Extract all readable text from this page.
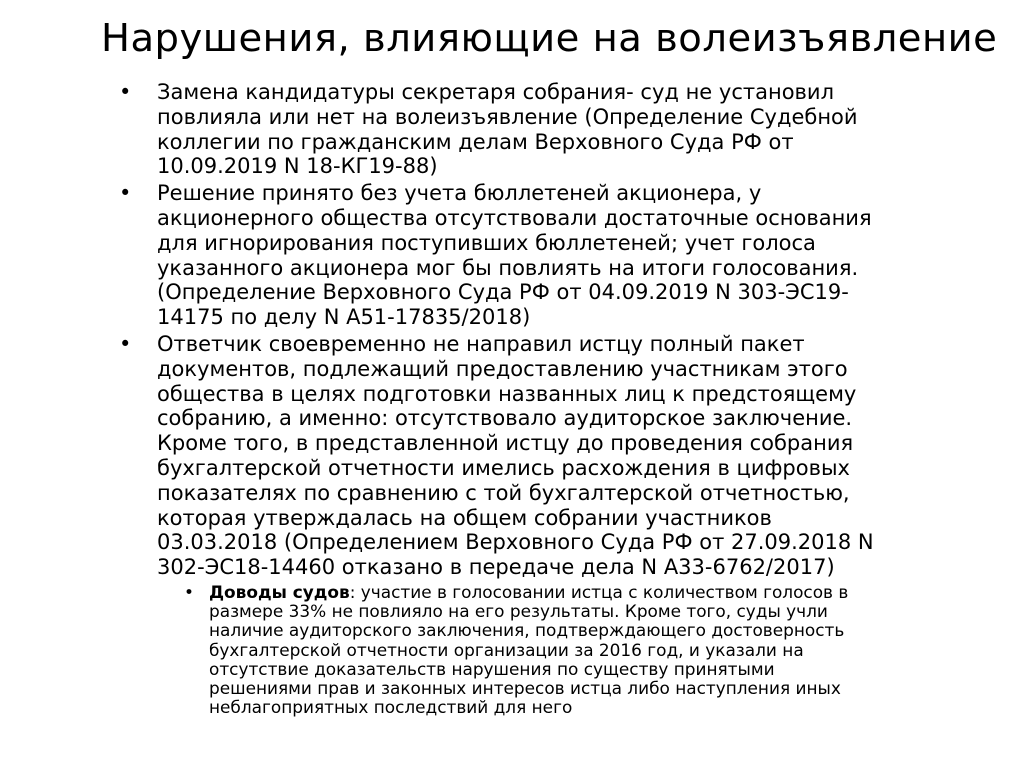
Нарушения, влияющие на волеизъявление
• Замена кандидатуры секретаря собрания- суд не установил
повлияла или нет на волеизъявление (Определение Судебной
коллегии по гражданским делам Верховного Суда РФ от
10.09.2019 N 18-КГ19-88)
• Решение принято без учета бюллетеней акционера, у
акционерного общества отсутствовали достаточные основания
для игнорирования поступивших бюллетеней; учет голоса
указанного акционера мог бы повлиять на итоги голосования.
(Определение Верховного Суда РФ от 04.09.2019 N 303-ЭС19-
14175 по делу N А51-17835/2018)
• Ответчик своевременно не направил истцу полный пакет
документов, подлежащий предоставлению участникам этого
общества в целях подготовки названных лиц к предстоящему
собранию, а именно: отсутствовало аудиторское заключение.
Кроме того, в представленной истцу до проведения собрания
бухгалтерской отчетности имелись расхождения в цифровых
показателях по сравнению с той бухгалтерской отчетностью,
которая утверждалась на общем собрании участников
03.03.2018 (Определением Верховного Суда РФ от 27.09.2018 N
302-ЭС18-14460 отказано в передаче дела N А33-6762/2017)
• Доводы судов: участие в голосовании истца с количеством голосов в
размере 33% не повлияло на его результаты. Кроме того, суды учли
наличие аудиторского заключения, подтверждающего достоверность
бухгалтерской отчетности организации за 2016 год, и указали на
отсутствие доказательств нарушения по существу принятыми
решениями прав и законных интересов истца либо наступления иных
неблагоприятных последствий для него
